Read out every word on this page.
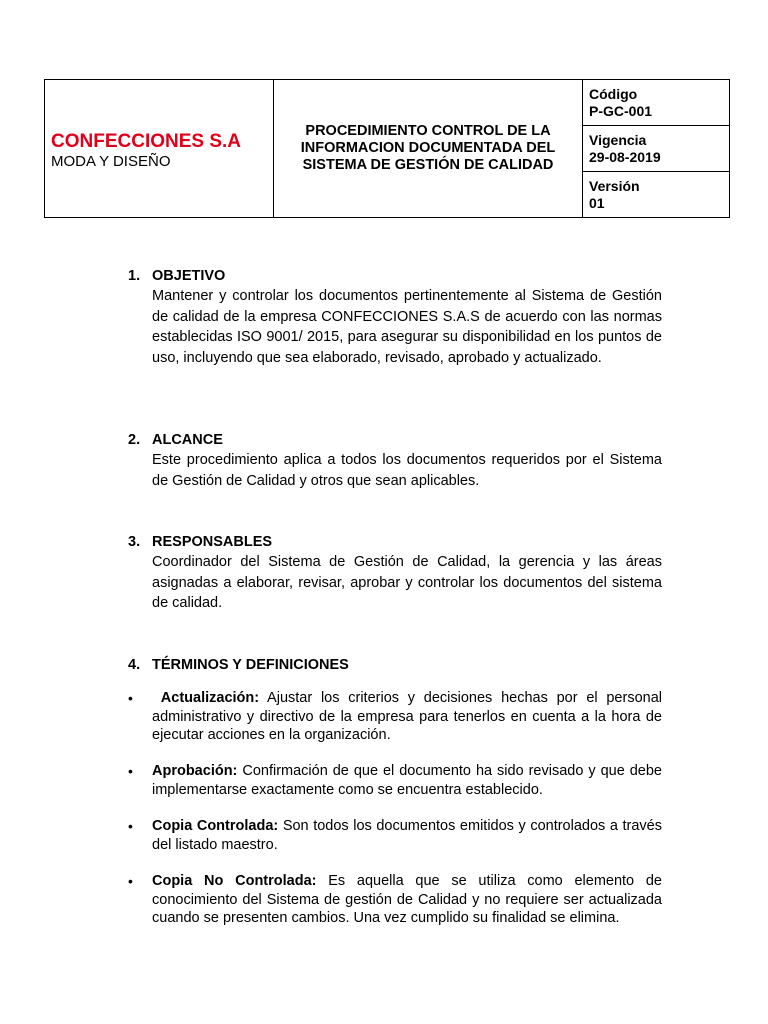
CONFECCIONES S.A
MODA Y DISEÑO
	PROCEDIMIENTO CONTROL DE LA INFORMACION DOCUMENTADA DEL SISTEMA DE GESTIÓN DE CALIDAD	
Código
P-GC-001

Vigencia
29-08-2019

Versión
01
1. OBJETIVO
Mantener y controlar los documentos pertinentemente al Sistema de Gestión de calidad de la empresa CONFECCIONES S.A.S de acuerdo con las normas establecidas ISO 9001/ 2015, para asegurar su disponibilidad en los puntos de uso, incluyendo que sea elaborado, revisado, aprobado y actualizado.
2. ALCANCE
Este procedimiento aplica a todos los documentos requeridos por el Sistema de Gestión de Calidad y otros que sean aplicables.
3. RESPONSABLES
Coordinador del Sistema de Gestión de Calidad, la gerencia y las áreas asignadas a elaborar, revisar, aprobar y controlar los documentos del sistema de calidad.
4. TÉRMINOS Y DEFINICIONES
•	Actualización: Ajustar los criterios y decisiones hechas por el personal administrativo y directivo de la empresa para tenerlos en cuenta a la hora de ejecutar acciones en la organización.
• Aprobación: Confirmación de que el documento ha sido revisado y que debe implementarse exactamente como se encuentra establecido.
• Copia Controlada: Son todos los documentos emitidos y controlados a través del listado maestro.
• Copia No Controlada: Es aquella que se utiliza como elemento de conocimiento del Sistema de gestión de Calidad y no requiere ser actualizada cuando se presenten cambios. Una vez cumplido su finalidad se elimina.
